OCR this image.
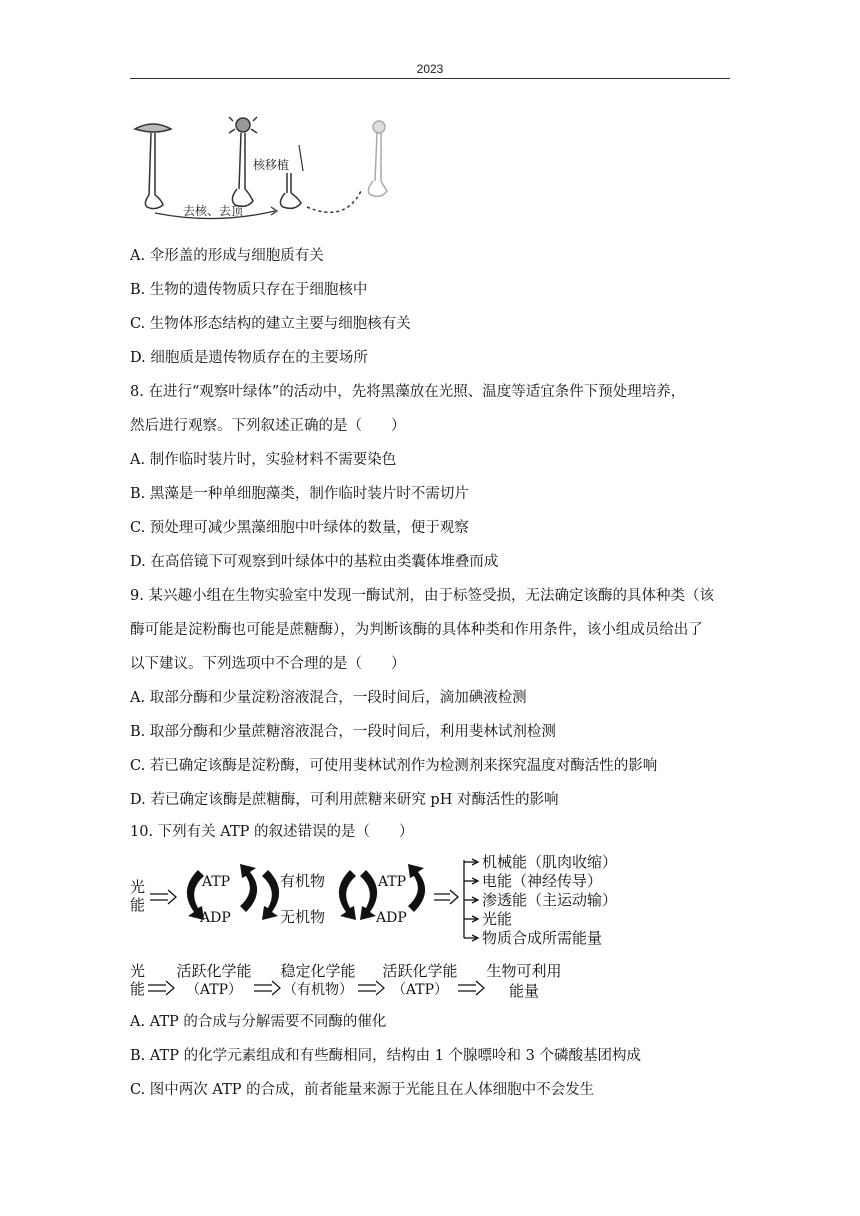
2023
核移植
去核、去顶
A. 伞形盖的形成与细胞质有关
B. 生物的遗传物质只存在于细胞核中
C. 生物体形态结构的建立主要与细胞核有关
D. 细胞质是遗传物质存在的主要场所
8. 在进行“观察叶绿体”的活动中，先将黑藻放在光照、温度等适宜条件下预处理培养，
然后进行观察。下列叙述正确的是（　　）
A. 制作临时装片时，实验材料不需要染色
B. 黑藻是一种单细胞藻类，制作临时装片时不需切片
C. 预处理可减少黑藻细胞中叶绿体的数量，便于观察
D. 在高倍镜下可观察到叶绿体中的基粒由类囊体堆叠而成
9. 某兴趣小组在生物实验室中发现一酶试剂，由于标签受损，无法确定该酶的具体种类（该
酶可能是淀粉酶也可能是蔗糖酶），为判断该酶的具体种类和作用条件，该小组成员给出了
以下建议。下列选项中不合理的是（　　）
A. 取部分酶和少量淀粉溶液混合，一段时间后，滴加碘液检测
B. 取部分酶和少量蔗糖溶液混合，一段时间后，利用斐林试剂检测
C. 若已确定该酶是淀粉酶，可使用斐林试剂作为检测剂来探究温度对酶活性的影响
D. 若已确定该酶是蔗糖酶，可利用蔗糖来研究 pH 对酶活性的影响
10. 下列有关 ATP 的叙述错误的是（　　）
光
能
ATP
ADP
有机物
无机物
ATP
ADP
机械能（肌肉收缩）
电能（神经传导）
渗透能（主运动输）
光能
物质合成所需能量
光
能
活跃化学能
（ATP）
稳定化学能
（有机物）
活跃化学能
（ATP）
生物可利用
能量
A. ATP 的合成与分解需要不同酶的催化
B. ATP 的化学元素组成和有些酶相同，结构由 1 个腺嘌呤和 3 个磷酸基团构成
C. 图中两次 ATP 的合成，前者能量来源于光能且在人体细胞中不会发生
